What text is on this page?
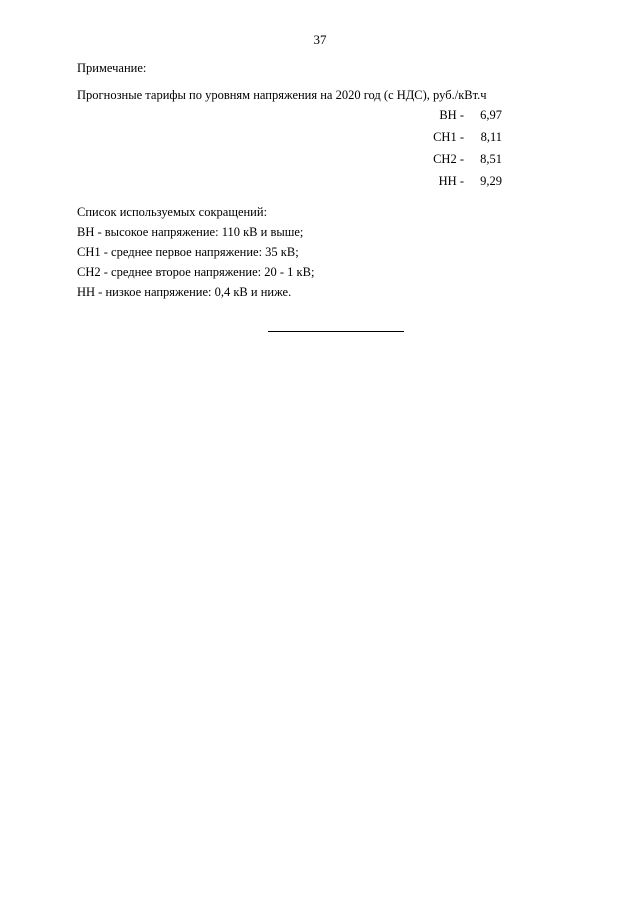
37
Примечание:
Прогнозные тарифы по уровням напряжения на 2020 год (с НДС), руб./кВт.ч
ВН -	6,97
СН1 -	8,11
СН2 -	8,51
НН -	9,29
Список используемых сокращений:
ВН - высокое напряжение: 110 кВ и выше;
СН1 - среднее первое напряжение: 35 кВ;
СН2 - среднее второе напряжение: 20 - 1 кВ;
НН - низкое напряжение: 0,4 кВ и ниже.
